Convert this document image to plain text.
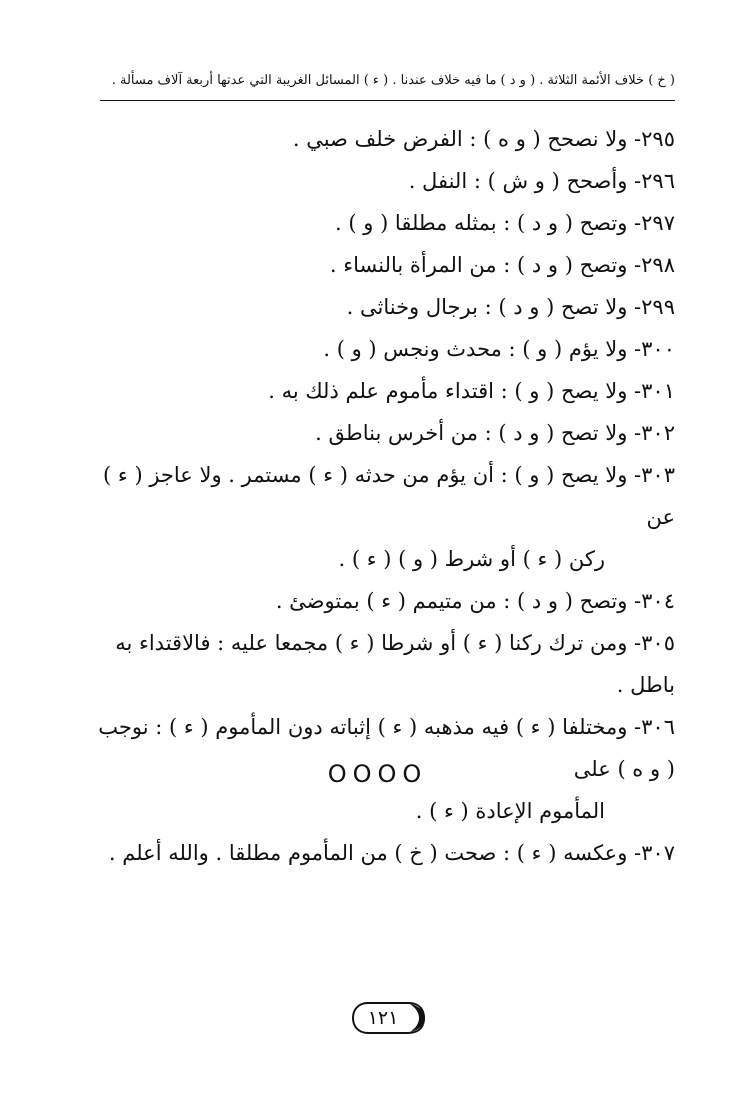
( خ ) خلاف الأئمة الثلاثة . ( و د ) ما فيه خلاف عندنا . ( ء ) المسائل الغريبة التي عدتها أربعة آلاف مسألة .

٢٩٥- ولا نصحح ( و ه ) : الفرض خلف صبي .

٢٩٦- وأصحح ( و ش ) : النفل .

٢٩٧- وتصح ( و د ) : بمثله مطلقا ( و ) .

٢٩٨- وتصح ( و د ) : من المرأة بالنساء .

٢٩٩- ولا تصح ( و د ) : برجال وخناثى .

٣٠٠- ولا يؤم ( و ) : محدث ونجس ( و ) .

٣٠١- ولا يصح ( و ) : اقتداء مأموم علم ذلك به .

٣٠٢- ولا تصح ( و د ) : من أخرس بناطق .

٣٠٣- ولا يصح ( و ) : أن يؤم من حدثه ( ء ) مستمر . ولا عاجز ( ء ) عن
ركن ( ء ) أو شرط ( و ) ( ء ) .

٣٠٤- وتصح ( و د ) : من متيمم ( ء ) بمتوضئ .

٣٠٥- ومن ترك ركنا ( ء ) أو شرطا ( ء ) مجمعا عليه : فالاقتداء به باطل .

٣٠٦- ومختلفا ( ء ) فيه مذهبه ( ء ) إثباته دون المأموم ( ء ) : نوجب ( و ه ) على
المأموم الإعادة ( ء ) .

٣٠٧- وعكسه ( ء ) : صحت ( خ ) من المأموم مطلقا . والله أعلم .

OOOO
١٢١
